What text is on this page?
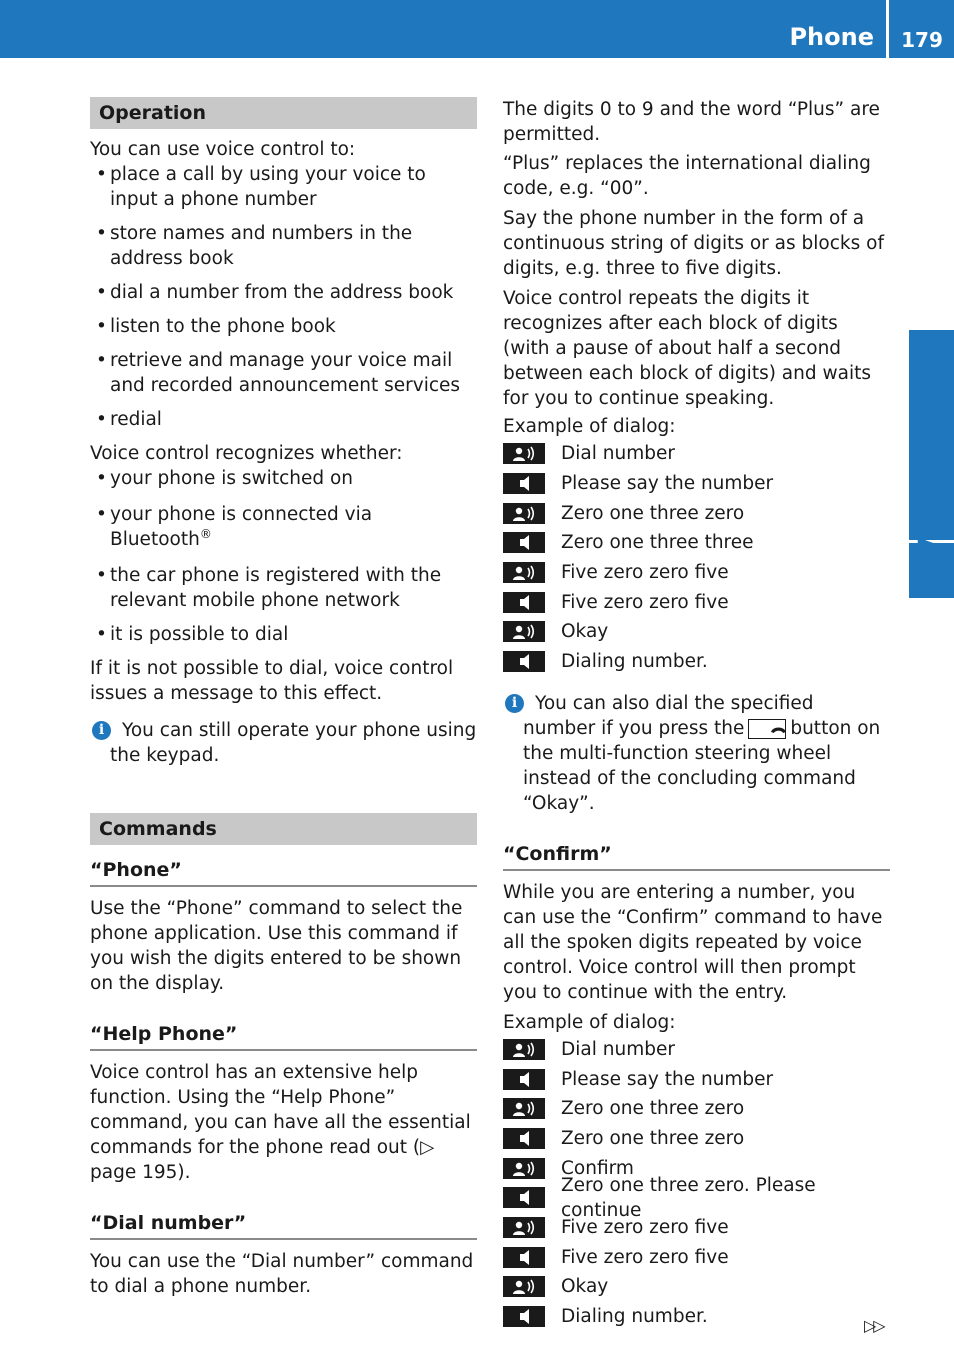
Phone	179
Voice Control
Operation

You can use voice control to:

• place a call by using your voice to input a phone number
• store names and numbers in the address book
• dial a number from the address book
• listen to the phone book
• retrieve and manage your voice mail and recorded announcement services
• redial

Voice control recognizes whether:

• your phone is switched on
• your phone is connected via Bluetooth®
• the car phone is registered with the relevant mobile phone network
• it is possible to dial

If it is not possible to dial, voice control issues a message to this effect.

i You can still operate your phone using the keypad.

Commands
“Phone”

Use the “Phone” command to select the phone application. Use this command if you wish the digits entered to be shown on the display.

“Help Phone”

Voice control has an extensive help function. Using the “Help Phone” command, you can have all the essential commands for the phone read out (▷ page 195).

“Dial number”

You can use the “Dial number” command to dial a phone number.

The digits 0 to 9 and the word “Plus” are permitted.

“Plus” replaces the international dialing code, e.g. “00”.

Say the phone number in the form of a continuous string of digits or as blocks of digits, e.g. three to five digits.

Voice control repeats the digits it recognizes after each block of digits (with a pause of about half a second between each block of digits) and waits for you to continue speaking.

Example of dialog:

Dial number
Please say the number
Zero one three zero
Zero one three three
Five zero zero five
Five zero zero five
Okay
Dialing number.
i You can also dial the specified number if you press the button on the multi-function steering wheel instead of the concluding command “Okay”.

“Confirm”

While you are entering a number, you can use the “Confirm” command to have all the spoken digits repeated by voice control. Voice control will then prompt you to continue with the entry.

Example of dialog:

Dial number
Please say the number
Zero one three zero
Zero one three zero
Confirm
Zero one three zero. Please continue
Five zero zero five
Five zero zero five
Okay
Dialing number.	▷▷
